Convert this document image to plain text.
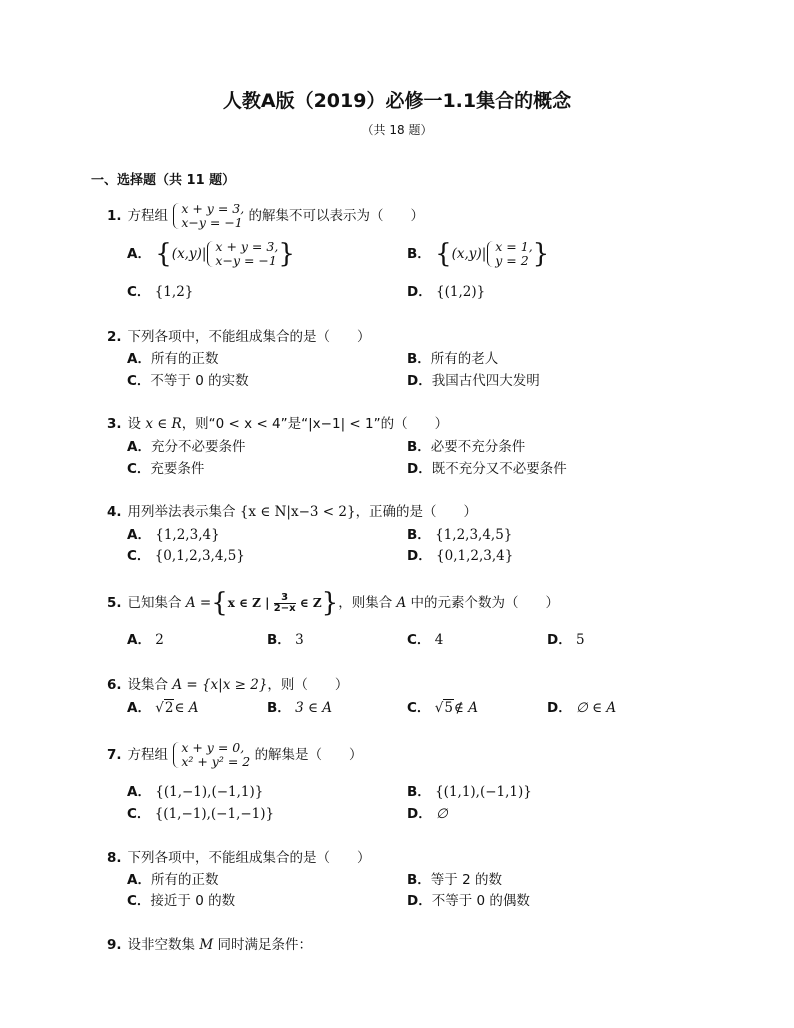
人教A版（2019）必修一1.1集合的概念
（共 18 题）
一、选择题（共 11 题）
1. 方程组 x + y = 3,
x−y = −1 的解集不可以表示为（　　）
A． {(x,y)| x + y = 3,
x−y = −1 }	B． {(x,y)| x = 1,
y = 2 }
C． {1,2}	D． {(1,2)}
2. 下列各项中，不能组成集合的是（　　）
A．所有的正数	B．所有的老人
C．不等于 0 的实数	D．我国古代四大发明
3. 设 x ∈ R，则“0 < x < 4”是“|x−1| < 1”的（　　）
A．充分不必要条件	B．必要不充分条件
C．充要条件	D．既不充分又不必要条件
4. 用列举法表示集合 {x ∈ N|x−3 < 2}，正确的是（　　）
A． {1,2,3,4}	B． {1,2,3,4,5}
C． {0,1,2,3,4,5}	D． {0,1,2,3,4}
5. 已知集合 A ={x ∈ Z | $\frac{3}{2-x}$ ∈ Z}，则集合 A 中的元素个数为（　　）
A． 2	B． 3	C． 4	D． 5
6. 设集合 A = {x|x ≥ 2}，则（　　）
A． √2∈ A	B． 3 ∈ A	C． √5∉ A	D． ∅ ∈ A
7. 方程组 x + y = 0,
x² + y² = 2 的解集是（　　）
A． {(1,−1),(−1,1)}	B． {(1,1),(−1,1)}
C． {(1,−1),(−1,−1)}	D． ∅
8. 下列各项中，不能组成集合的是（　　）
A．所有的正数	B．等于 2 的数
C．接近于 0 的数	D．不等于 0 的偶数
9. 设非空数集 M 同时满足条件：
